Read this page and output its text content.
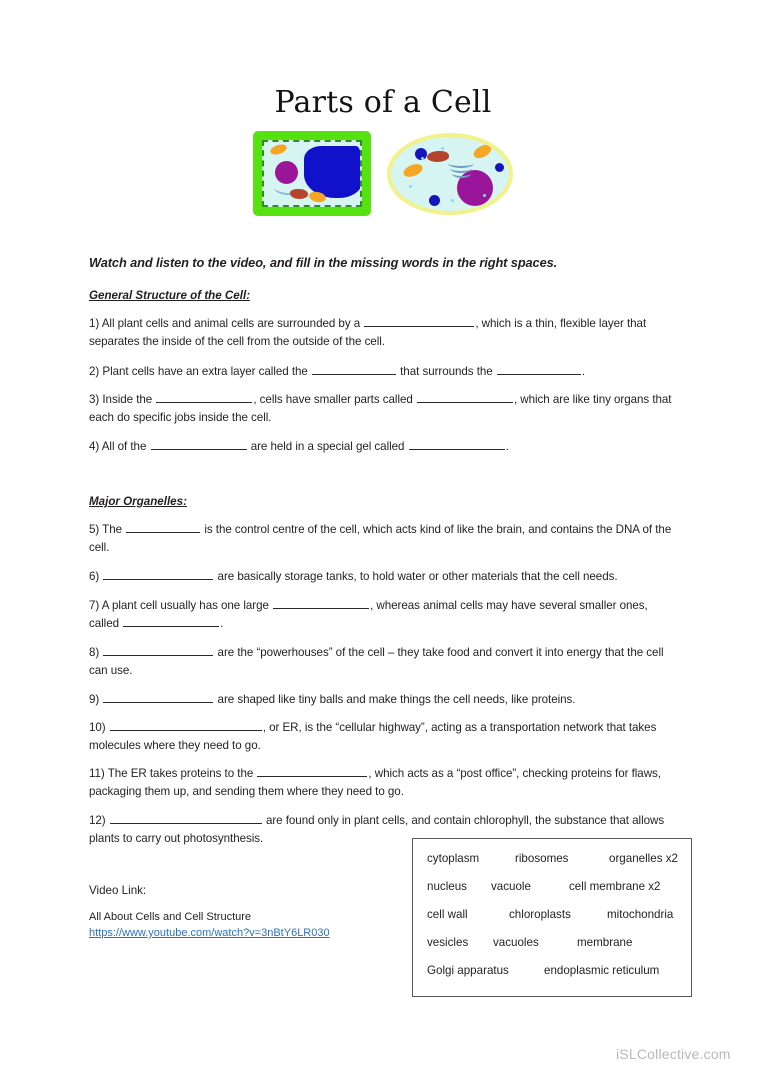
Parts of a Cell
Watch and listen to the video, and fill in the missing words in the right spaces.
General Structure of the Cell:
1) All plant cells and animal cells are surrounded by a	, which is a thin, flexible layer that separates the inside of the cell from the outside of the cell.
2) Plant cells have an extra layer called the	that surrounds the	.
3) Inside the	, cells have smaller parts called	, which are like tiny organs that each do specific jobs inside the cell.
4) All of the	are held in a special gel called	.
Major Organelles:
5) The	is the control centre of the cell, which acts kind of like the brain, and contains the DNA of the cell.
6)	are basically storage tanks, to hold water or other materials that the cell needs.
7) A plant cell usually has one large	, whereas animal cells may have several smaller ones, called	.
8)	are the “powerhouses” of the cell – they take food and convert it into energy that the cell can use.
9)	are shaped like tiny balls and make things the cell needs, like proteins.
10)	, or ER, is the “cellular highway”, acting as a transportation network that takes molecules where they need to go.
11) The ER takes proteins to the	, which acts as a “post office”, checking proteins for flaws, packaging them up, and sending them where they need to go.
12)	are found only in plant cells, and contain chlorophyll, the substance that allows plants to carry out photosynthesis.
Video Link:
All About Cells and Cell Structure
https://www.youtube.com/watch?v=3nBtY6LR030
cytoplasm	ribosomes	organelles x2
nucleus vacuole	cell membrane x2
cell wall	chloroplasts	mitochondria
vesicles vacuoles	membrane
Golgi apparatus	endoplasmic reticulum
iSLCollective.com
